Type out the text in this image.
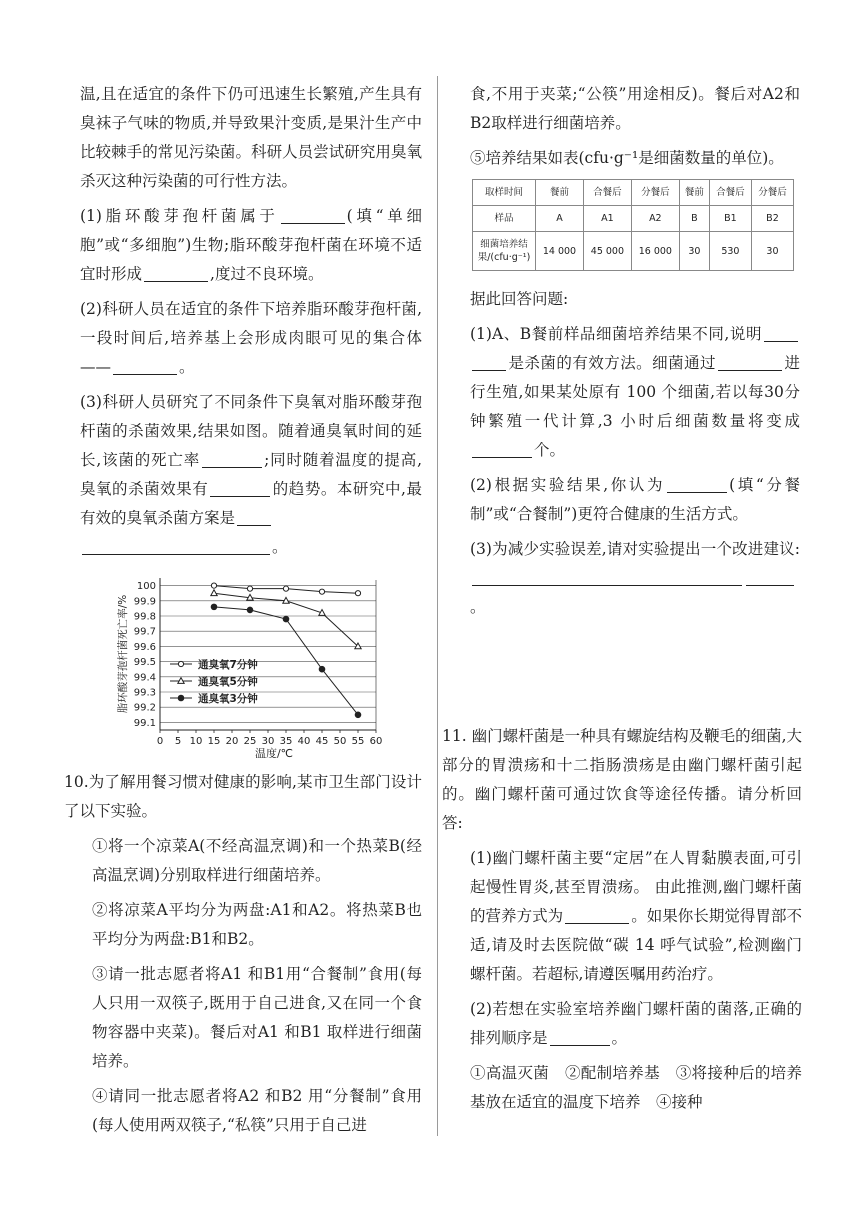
温,且在适宜的条件下仍可迅速生长繁殖,产生具有臭袜子气味的物质,并导致果汁变质,是果汁生产中比较棘手的常见污染菌。科研人员尝试研究用臭氧杀灭这种污染菌的可行性方法。

(1)脂环酸芽孢杆菌属于	(填“单细胞”或“多细胞”)生物;脂环酸芽孢杆菌在环境不适宜时形成	,度过不良环境。

(2)科研人员在适宜的条件下培养脂环酸芽孢杆菌,一段时间后,培养基上会形成肉眼可见的集合体——	。

(3)科研人员研究了不同条件下臭氧对脂环酸芽孢杆菌的杀菌效果,结果如图。随着通臭氧时间的延长,该菌的死亡率	;同时随着温度的提高,臭氧的杀菌效果有	的趋势。本研究中,最有效的臭氧杀菌方案是
。

99.1
99.2
99.3
99.4
99.5
99.6
99.7
99.8
99.9
100
0 5 10 15 20 25 30 35 40 45 50 55 60
温度/℃
脂环酸芽孢杆菌死亡率/%	通臭氧7分钟
通臭氧5分钟
通臭氧3分钟

10.为了解用餐习惯对健康的影响,某市卫生部门设计了以下实验。

①将一个凉菜A(不经高温烹调)和一个热菜B(经高温烹调)分别取样进行细菌培养。

②将凉菜A平均分为两盘:A1和A2。将热菜B也平均分为两盘:B1和B2。

③请一批志愿者将A1 和B1用“合餐制”食用(每人只用一双筷子,既用于自己进食,又在同一个食物容器中夹菜)。餐后对A1 和B1 取样进行细菌培养。

④请同一批志愿者将A2 和B2 用“分餐制”食用(每人使用两双筷子,“私筷”只用于自己进

食,不用于夹菜;“公筷”用途相反)。餐后对A2和B2取样进行细菌培养。

⑤培养结果如表(cfu·g⁻¹是细菌数量的单位)。

取样时间	餐前	合餐后	分餐后	餐前	合餐后	分餐后
样品	A	A1	A2	B	B1	B2
细菌培养结果/(cfu·g⁻¹)	14 000	45 000	16 000	30	530	30

据此回答问题:

(1)A、B餐前样品细菌培养结果不同,说明是杀菌的有效方法。细菌通过	进行生殖,如果某处原有 100 个细菌,若以每30分钟繁殖一代计算,3 小时后细菌数量将变成个。

(2)根据实验结果,你认为	(填“分餐制”或“合餐制”)更符合健康的生活方式。

(3)为减少实验误差,请对实验提出一个改进建议:。

11. 幽门螺杆菌是一种具有螺旋结构及鞭毛的细菌,大部分的胃溃疡和十二指肠溃疡是由幽门螺杆菌引起的。幽门螺杆菌可通过饮食等途径传播。请分析回答:

(1)幽门螺杆菌主要“定居”在人胃黏膜表面,可引起慢性胃炎,甚至胃溃疡。 由此推测,幽门螺杆菌的营养方式为	。如果你长期觉得胃部不适,请及时去医院做“碳 14 呼气试验”,检测幽门螺杆菌。若超标,请遵医嘱用药治疗。

(2)若想在实验室培养幽门螺杆菌的菌落,正确的排列顺序是	。

①高温灭菌　②配制培养基　③将接种后的培养基放在适宜的温度下培养　④接种
